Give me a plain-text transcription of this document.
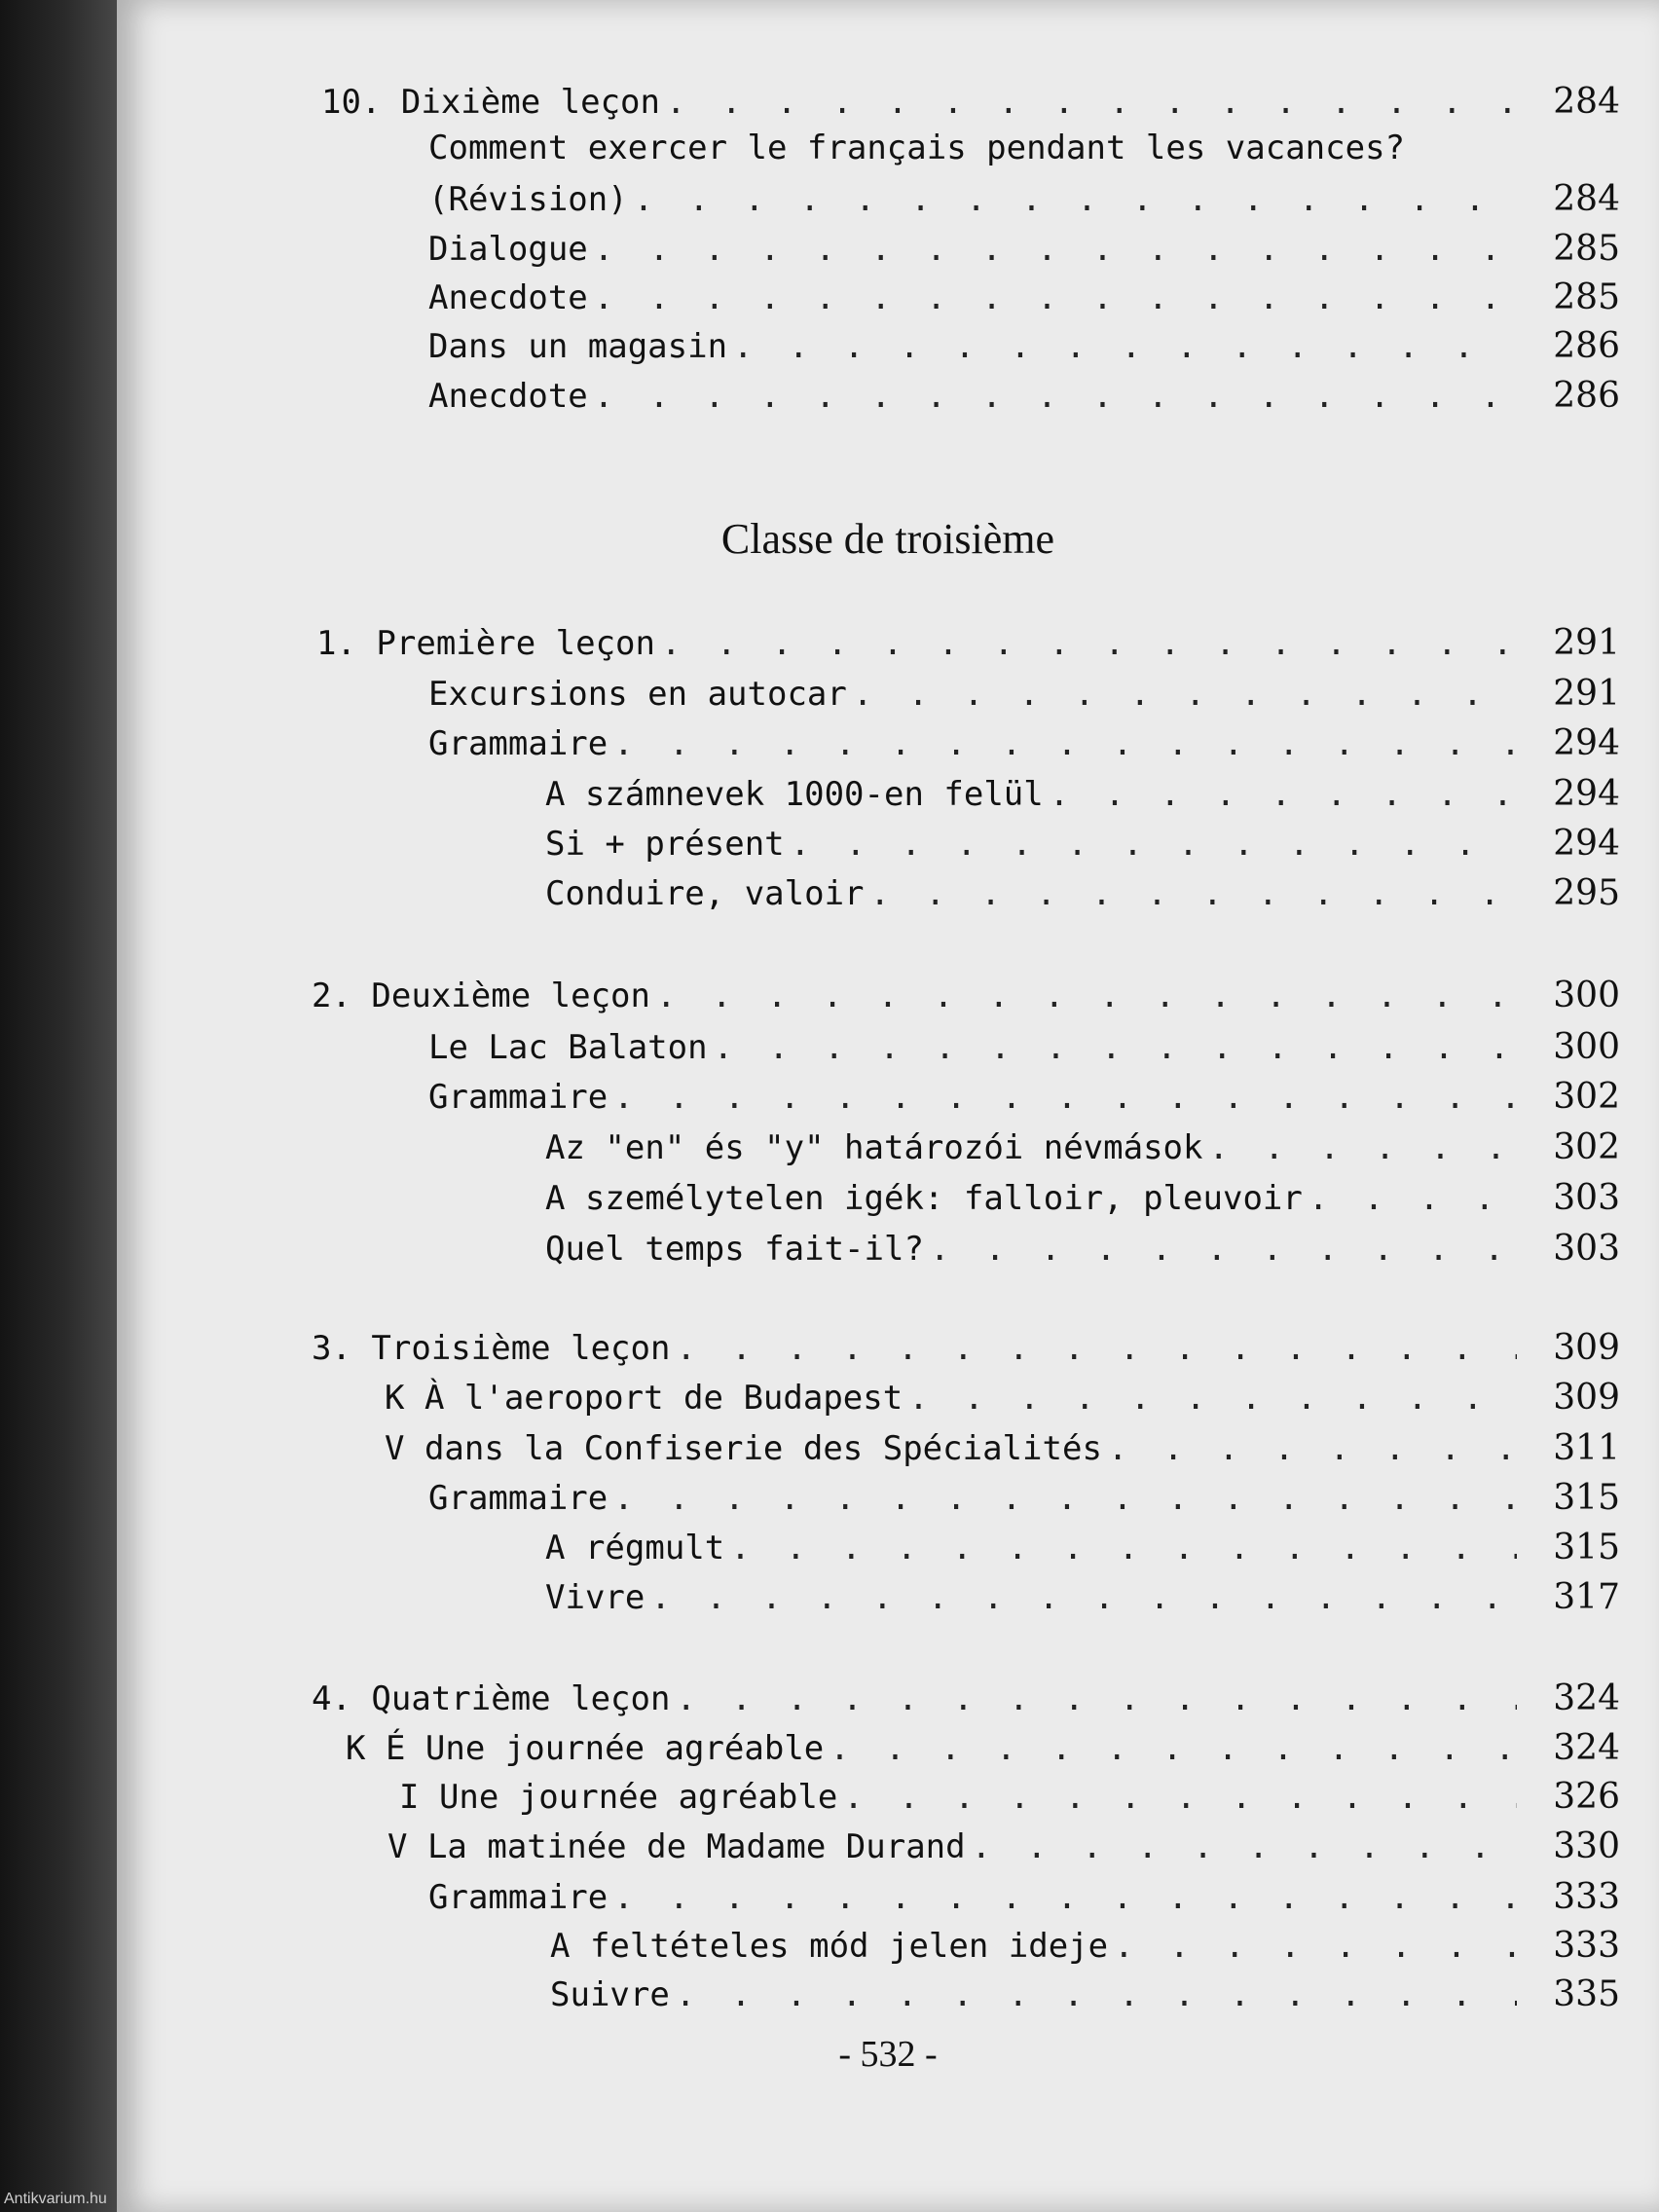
10. Dixième leçon . . .	284
Comment exercer le français pendant les vacances?
(Révision) . . .	284
Dialogue . . .	285
Anecdote . . .	285
Dans un magasin . . .	286
Anecdote . . .	286
Classe de troisième
1. Première leçon . . .	291
Excursions en autocar . . .	291
Grammaire . . .	294
A számnevek 1000-en felül . . .	294
Si + présent . . .	294
Conduire, valoir . . .	295
2. Deuxième leçon . . .	300
Le Lac Balaton . . .	300
Grammaire . . .	302
Az "en" és "y" határozói névmások . . .	302
A személytelen igék: falloir, pleuvoir . . .	303
Quel temps fait-il? . . .	303
3. Troisième leçon . . .	309
K À l'aeroport de Budapest . . .	309
V dans la Confiserie des Spécialités . . .	311
Grammaire . . .	315
A régmult . . .	315
Vivre . . .	317
4. Quatrième leçon . . .	324
K É Une journée agréable . . .	324
I Une journée agréable . . .	326
V La matinée de Madame Durand . . .	330
Grammaire . . .	333
A feltételes mód jelen ideje . . .	333
Suivre . . .	335
- 532 -
Antikvarium.hu
